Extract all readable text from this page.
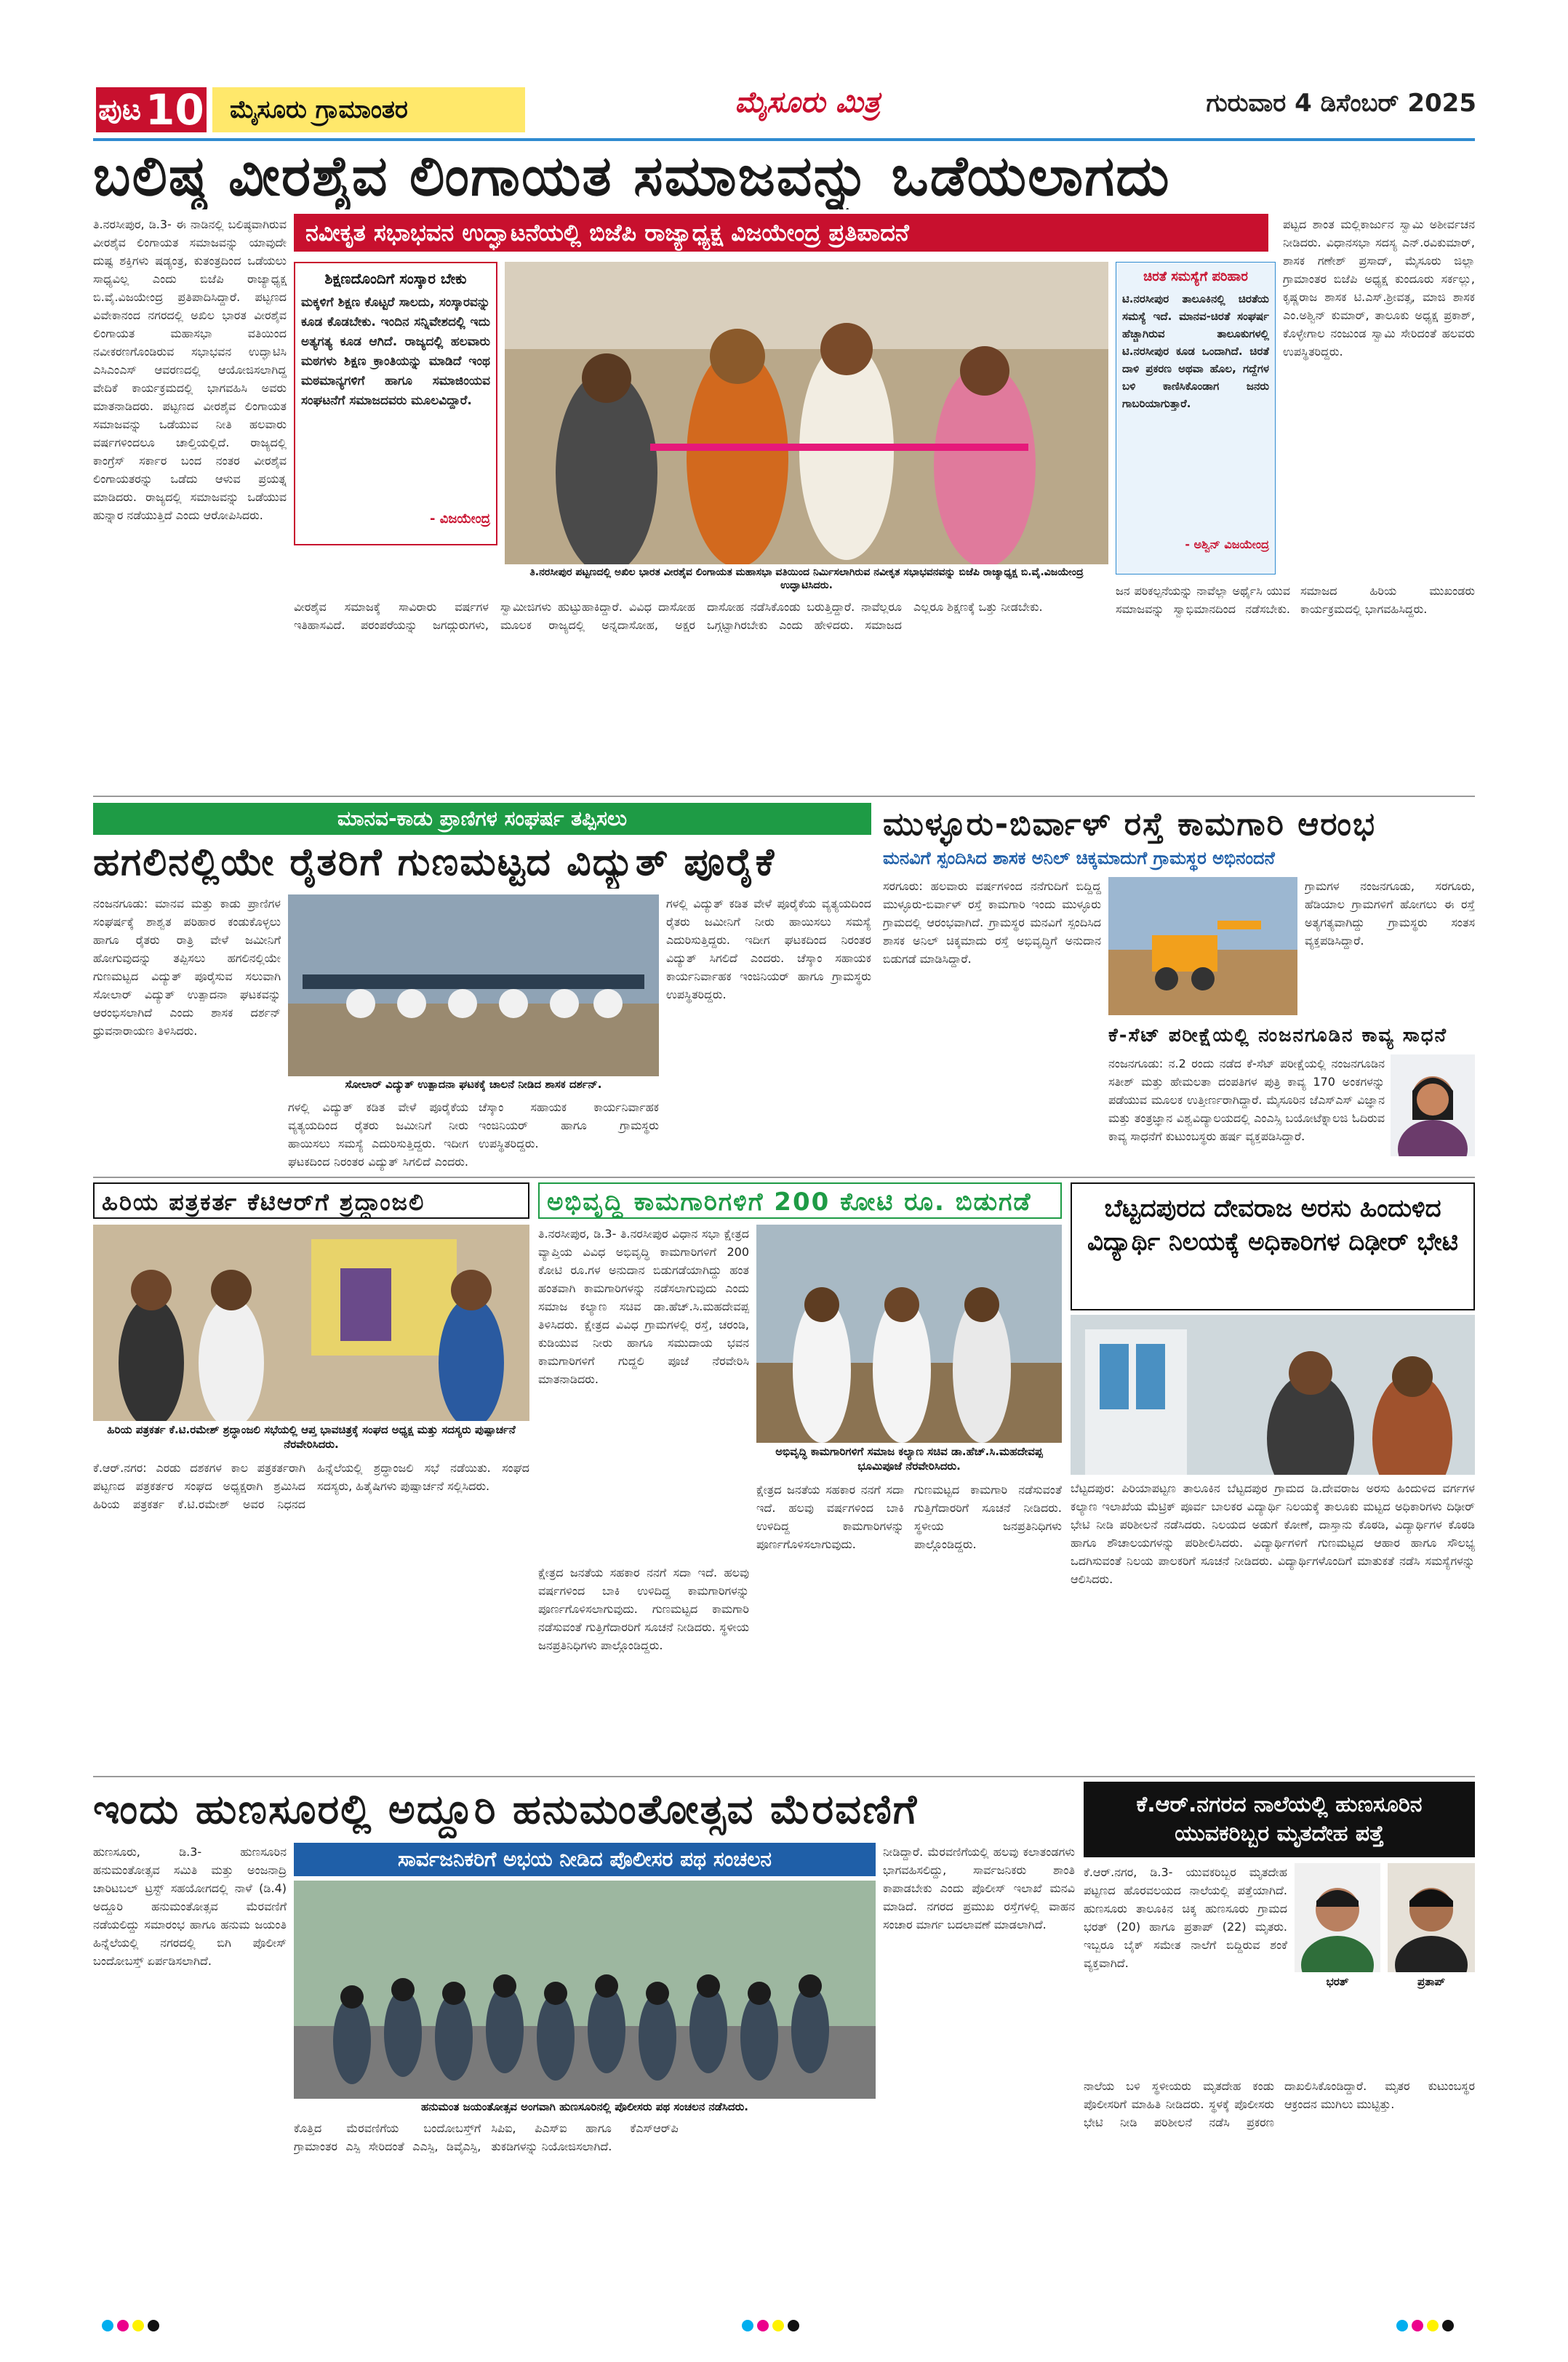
ಪುಟ 10	ಮೈಸೂರು ಗ್ರಾಮಾಂತರ	ಮೈಸೂರು ಮಿತ್ರ	ಗುರುವಾರ 4 ಡಿಸೆಂಬರ್ 2025
ಬಲಿಷ್ಠ ವೀರಶೈವ ಲಿಂಗಾಯತ ಸಮಾಜವನ್ನು ಒಡೆಯಲಾಗದು
ನವೀಕೃತ ಸಭಾಭವನ ಉದ್ಘಾಟನೆಯಲ್ಲಿ ಬಿಜೆಪಿ ರಾಜ್ಯಾಧ್ಯಕ್ಷ ವಿಜಯೇಂದ್ರ ಪ್ರತಿಪಾದನೆ
ತಿ.ನರಸೀಪುರ, ಡಿ.3- ಈ ನಾಡಿನಲ್ಲಿ ಬಲಿಷ್ಠವಾಗಿರುವ ವೀರಶೈವ ಲಿಂಗಾಯತ ಸಮಾಜವನ್ನು ಯಾವುದೇ ದುಷ್ಟ ಶಕ್ತಿಗಳು ಷಡ್ಯಂತ್ರ, ಕುತಂತ್ರದಿಂದ ಒಡೆಯಲು ಸಾಧ್ಯವಿಲ್ಲ ಎಂದು ಬಿಜೆಪಿ ರಾಜ್ಯಾಧ್ಯಕ್ಷ ಬಿ.ವೈ.ವಿಜಯೇಂದ್ರ ಪ್ರತಿಪಾದಿಸಿದ್ದಾರೆ. ಪಟ್ಟಣದ ವಿವೇಕಾನಂದ ನಗರದಲ್ಲಿ ಅಖಿಲ ಭಾರತ ವೀರಶೈವ ಲಿಂಗಾಯತ ಮಹಾಸಭಾ ವತಿಯಿಂದ ನವೀಕರಣಗೊಂಡಿರುವ ಸಭಾಭವನ ಉದ್ಘಾಟಿಸಿ ಎಸಿಎಂಎಸ್ ಆವರಣದಲ್ಲಿ ಆಯೋಜಿಸಲಾಗಿದ್ದ ವೇದಿಕೆ ಕಾರ್ಯಕ್ರಮದಲ್ಲಿ ಭಾಗವಹಿಸಿ ಅವರು ಮಾತನಾಡಿದರು. ಪಟ್ಟಣದ ವೀರಶೈವ ಲಿಂಗಾಯತ ಸಮಾಜವನ್ನು ಒಡೆಯುವ ನೀತಿ ಹಲವಾರು ವರ್ಷಗಳಿಂದಲೂ ಚಾಲ್ತಿಯಲ್ಲಿದೆ. ರಾಜ್ಯದಲ್ಲಿ ಕಾಂಗ್ರೆಸ್ ಸರ್ಕಾರ ಬಂದ ನಂತರ ವೀರಶೈವ ಲಿಂಗಾಯತರನ್ನು ಒಡೆದು ಆಳುವ ಪ್ರಯತ್ನ ಮಾಡಿದರು. ರಾಜ್ಯದಲ್ಲಿ ಸಮಾಜವನ್ನು ಒಡೆಯುವ ಹುನ್ನಾರ ನಡೆಯುತ್ತಿದೆ ಎಂದು ಆರೋಪಿಸಿದರು.
ಶಿಕ್ಷಣದೊಂದಿಗೆ ಸಂಸ್ಕಾರ ಬೇಕು
ಮಕ್ಕಳಿಗೆ ಶಿಕ್ಷಣ ಕೊಟ್ಟರೆ ಸಾಲದು, ಸಂಸ್ಕಾರವನ್ನು ಕೂಡ ಕೊಡಬೇಕು. ಇಂದಿನ ಸನ್ನಿವೇಶದಲ್ಲಿ ಇದು ಅತ್ಯಗತ್ಯ ಕೂಡ ಆಗಿದೆ. ರಾಜ್ಯದಲ್ಲಿ ಹಲವಾರು ಮಠಗಳು ಶಿಕ್ಷಣ ಕ್ರಾಂತಿಯನ್ನು ಮಾಡಿದೆ ಇಂಥ ಮಠಮಾನ್ಯಗಳಿಗೆ ಹಾಗೂ ಸಮಾಜಿಂಯವ ಸಂಘಟನೆಗೆ ಸಮಾಜದವರು ಮೂಲವಿದ್ದಾರೆ.
- ವಿಜಯೇಂದ್ರ
ತಿ.ನರಸೀಪುರ ಪಟ್ಟಣದಲ್ಲಿ ಅಖಿಲ ಭಾರತ ವೀರಶೈವ ಲಿಂಗಾಯತ ಮಹಾಸಭಾ ವತಿಯಿಂದ ನಿರ್ಮಿಸಲಾಗಿರುವ ನವೀಕೃತ ಸಭಾಭವನವನ್ನು ಬಿಜೆಪಿ ರಾಜ್ಯಾಧ್ಯಕ್ಷ ಬಿ.ವೈ.ವಿಜಯೇಂದ್ರ ಉದ್ಘಾಟಿಸಿದರು.
ಚಿರತೆ ಸಮಸ್ಯೆಗೆ ಪರಿಹಾರ
ಟಿ.ನರಸೀಪುರ ತಾಲೂಕಿನಲ್ಲಿ ಚಿರತೆಯ ಸಮಸ್ಯೆ ಇದೆ. ಮಾನವ-ಚಿರತೆ ಸಂಘರ್ಷ ಹೆಚ್ಚಾಗಿರುವ ತಾಲೂಕುಗಳಲ್ಲಿ ಟಿ.ನರಸೀಪುರ ಕೂಡ ಒಂದಾಗಿದೆ. ಚಿರತೆ ದಾಳಿ ಪ್ರಕರಣ ಅಥವಾ ಹೊಲ, ಗದ್ದೆಗಳ ಬಳಿ ಕಾಣಿಸಿಕೊಂಡಾಗ ಜನರು ಗಾಬರಿಯಾಗುತ್ತಾರೆ.
- ಅಶ್ವಿನ್ ವಿಜಯೇಂದ್ರ
ಪಟ್ಟದ ಶಾಂತ ಮಲ್ಲಿಕಾರ್ಜುನ ಸ್ವಾಮಿ ಅಶೀರ್ವಚನ ನೀಡಿದರು. ವಿಧಾನಸಭಾ ಸದಸ್ಯ ಎನ್.ರವಿಕುಮಾರ್, ಶಾಸಕ ಗಣೇಶ್ ಪ್ರಸಾದ್, ಮೈಸೂರು ಜಿಲ್ಲಾ ಗ್ರಾಮಾಂತರ ಬಿಜೆಪಿ ಅಧ್ಯಕ್ಷ ಕುಂದೂರು ಸರ್ಕಲ್ಲು, ಕೃಷ್ಣರಾಜ ಶಾಸಕ ಟಿ.ಎಸ್.ಶ್ರೀವತ್ಸ, ಮಾಜಿ ಶಾಸಕ ಎಂ.ಅಶ್ವಿನ್ ಕುಮಾರ್, ತಾಲೂಕು ಅಧ್ಯಕ್ಷ ಪ್ರಕಾಶ್, ಕೊಳ್ಳೇಗಾಲ ನಂಜುಂಡ ಸ್ವಾಮಿ ಸೇರಿದಂತೆ ಹಲವರು ಉಪಸ್ಥಿತರಿದ್ದರು.
ವೀರಶೈವ ಸಮಾಜಕ್ಕೆ ಸಾವಿರಾರು ವರ್ಷಗಳ ಇತಿಹಾಸವಿದೆ. ಪರಂಪರೆಯನ್ನು ಜಗದ್ಗುರುಗಳು, ಸ್ವಾಮೀಜಿಗಳು ಹುಟ್ಟುಹಾಕಿದ್ದಾರೆ. ವಿವಿಧ ದಾಸೋಹ ಮೂಲಕ ರಾಜ್ಯದಲ್ಲಿ ಅನ್ನದಾಸೋಹ, ಅಕ್ಷರ ದಾಸೋಹ ನಡೆಸಿಕೊಂಡು ಬರುತ್ತಿದ್ದಾರೆ. ನಾವೆಲ್ಲರೂ ಒಗ್ಗಟ್ಟಾಗಿರಬೇಕು ಎಂದು ಹೇಳಿದರು. ಸಮಾಜದ ಎಲ್ಲರೂ ಶಿಕ್ಷಣಕ್ಕೆ ಒತ್ತು ನೀಡಬೇಕು.
ಜನ ಪರಿಕಲ್ಪನೆಯನ್ನು ನಾವೆಲ್ಲಾ ಅರ್ಥೈಸಿ ಯುವ ಸಮಾಜವನ್ನು ಸ್ವಾಭಿಮಾನದಿಂದ ನಡೆಸಬೇಕು. ಸಮಾಜದ ಹಿರಿಯ ಮುಖಂಡರು ಕಾರ್ಯಕ್ರಮದಲ್ಲಿ ಭಾಗವಹಿಸಿದ್ದರು.
ಮಾನವ-ಕಾಡು ಪ್ರಾಣಿಗಳ ಸಂಘರ್ಷ ತಪ್ಪಿಸಲು
ಹಗಲಿನಲ್ಲಿಯೇ ರೈತರಿಗೆ ಗುಣಮಟ್ಟದ ವಿದ್ಯುತ್ ಪೂರೈಕೆ
ನಂಜನಗೂಡು: ಮಾನವ ಮತ್ತು ಕಾಡು ಪ್ರಾಣಿಗಳ ಸಂಘರ್ಷಕ್ಕೆ ಶಾಶ್ವತ ಪರಿಹಾರ ಕಂಡುಕೊಳ್ಳಲು ಹಾಗೂ ರೈತರು ರಾತ್ರಿ ವೇಳೆ ಜಮೀನಿಗೆ ಹೋಗುವುದನ್ನು ತಪ್ಪಿಸಲು ಹಗಲಿನಲ್ಲಿಯೇ ಗುಣಮಟ್ಟದ ವಿದ್ಯುತ್ ಪೂರೈಸುವ ಸಲುವಾಗಿ ಸೋಲಾರ್ ವಿದ್ಯುತ್ ಉತ್ಪಾದನಾ ಘಟಕವನ್ನು ಆರಂಭಿಸಲಾಗಿದೆ ಎಂದು ಶಾಸಕ ದರ್ಶನ್ ಧ್ರುವನಾರಾಯಣ ತಿಳಿಸಿದರು.
ಸೋಲಾರ್ ವಿದ್ಯುತ್ ಉತ್ಪಾದನಾ ಘಟಕಕ್ಕೆ ಚಾಲನೆ ನೀಡಿದ ಶಾಸಕ ದರ್ಶನ್.
ಗಳಲ್ಲಿ ವಿದ್ಯುತ್ ಕಡಿತ ವೇಳೆ ಪೂರೈಕೆಯ ವ್ಯತ್ಯಯದಿಂದ ರೈತರು ಜಮೀನಿಗೆ ನೀರು ಹಾಯಿಸಲು ಸಮಸ್ಯೆ ಎದುರಿಸುತ್ತಿದ್ದರು. ಇದೀಗ ಘಟಕದಿಂದ ನಿರಂತರ ವಿದ್ಯುತ್ ಸಿಗಲಿದೆ ಎಂದರು. ಚೆಸ್ಕಾಂ ಸಹಾಯಕ ಕಾರ್ಯನಿರ್ವಾಹಕ ಇಂಜಿನಿಯರ್ ಹಾಗೂ ಗ್ರಾಮಸ್ಥರು ಉಪಸ್ಥಿತರಿದ್ದರು.
ಗಳಲ್ಲಿ ವಿದ್ಯುತ್ ಕಡಿತ ವೇಳೆ ಪೂರೈಕೆಯ ವ್ಯತ್ಯಯದಿಂದ ರೈತರು ಜಮೀನಿಗೆ ನೀರು ಹಾಯಿಸಲು ಸಮಸ್ಯೆ ಎದುರಿಸುತ್ತಿದ್ದರು. ಇದೀಗ ಘಟಕದಿಂದ ನಿರಂತರ ವಿದ್ಯುತ್ ಸಿಗಲಿದೆ ಎಂದರು. ಚೆಸ್ಕಾಂ ಸಹಾಯಕ ಕಾರ್ಯನಿರ್ವಾಹಕ ಇಂಜಿನಿಯರ್ ಹಾಗೂ ಗ್ರಾಮಸ್ಥರು ಉಪಸ್ಥಿತರಿದ್ದರು.
ಮುಳ್ಳೂರು-ಬಿರ್ವಾಳ್ ರಸ್ತೆ ಕಾಮಗಾರಿ ಆರಂಭ
ಮನವಿಗೆ ಸ್ಪಂದಿಸಿದ ಶಾಸಕ ಅನಿಲ್ ಚಿಕ್ಕಮಾದುಗೆ ಗ್ರಾಮಸ್ಥರ ಅಭಿನಂದನೆ
ಸರಗೂರು: ಹಲವಾರು ವರ್ಷಗಳಿಂದ ನನೆಗುದಿಗೆ ಬಿದ್ದಿದ್ದ ಮುಳ್ಳೂರು-ಬಿರ್ವಾಳ್ ರಸ್ತೆ ಕಾಮಗಾರಿ ಇಂದು ಮುಳ್ಳೂರು ಗ್ರಾಮದಲ್ಲಿ ಆರಂಭವಾಗಿದೆ. ಗ್ರಾಮಸ್ಥರ ಮನವಿಗೆ ಸ್ಪಂದಿಸಿದ ಶಾಸಕ ಅನಿಲ್ ಚಿಕ್ಕಮಾದು ರಸ್ತೆ ಅಭಿವೃದ್ಧಿಗೆ ಅನುದಾನ ಬಿಡುಗಡೆ ಮಾಡಿಸಿದ್ದಾರೆ.
ಗ್ರಾಮಗಳ ನಂಜನಗೂಡು, ಸರಗೂರು, ಹೆಡಿಯಾಲ ಗ್ರಾಮಗಳಿಗೆ ಹೋಗಲು ಈ ರಸ್ತೆ ಅತ್ಯಗತ್ಯವಾಗಿದ್ದು ಗ್ರಾಮಸ್ಥರು ಸಂತಸ ವ್ಯಕ್ತಪಡಿಸಿದ್ದಾರೆ.
ಕೆ-ಸೆಟ್ ಪರೀಕ್ಷೆಯಲ್ಲಿ ನಂಜನಗೂಡಿನ ಕಾವ್ಯ ಸಾಧನೆ
ನಂಜನಗೂಡು: ನ.2 ರಂದು ನಡೆದ ಕೆ-ಸೆಟ್ ಪರೀಕ್ಷೆಯಲ್ಲಿ ನಂಜನಗೂಡಿನ ಸತೀಶ್ ಮತ್ತು ಹೇಮಲತಾ ದಂಪತಿಗಳ ಪುತ್ರಿ ಕಾವ್ಯ 170 ಅಂಕಗಳನ್ನು ಪಡೆಯುವ ಮೂಲಕ ಉತ್ತೀರ್ಣರಾಗಿದ್ದಾರೆ. ಮೈಸೂರಿನ ಜೆಎಸ್‌ಎಸ್ ವಿಜ್ಞಾನ ಮತ್ತು ತಂತ್ರಜ್ಞಾನ ವಿಶ್ವವಿದ್ಯಾಲಯದಲ್ಲಿ ಎಂಎಸ್ಸಿ ಬಯೋಟೆಕ್ನಾಲಜಿ ಓದಿರುವ ಕಾವ್ಯ ಸಾಧನೆಗೆ ಕುಟುಂಬಸ್ಥರು ಹರ್ಷ ವ್ಯಕ್ತಪಡಿಸಿದ್ದಾರೆ.
ಹಿರಿಯ ಪತ್ರಕರ್ತ ಕೆಟಿಆರ್‌ಗೆ ಶ್ರದ್ಧಾಂಜಲಿ
ಹಿರಿಯ ಪತ್ರಕರ್ತ ಕೆ.ಟಿ.ರಮೇಶ್ ಶ್ರದ್ಧಾಂಜಲಿ ಸಭೆಯಲ್ಲಿ ಆಪ್ತ ಭಾವಚಿತ್ರಕ್ಕೆ ಸಂಘದ ಅಧ್ಯಕ್ಷ ಮತ್ತು ಸದಸ್ಯರು ಪುಷ್ಪಾರ್ಚನೆ ನೆರವೇರಿಸಿದರು.
ಕೆ.ಆರ್.ನಗರ: ಎರಡು ದಶಕಗಳ ಕಾಲ ಪತ್ರಕರ್ತರಾಗಿ ಪಟ್ಟಣದ ಪತ್ರಕರ್ತರ ಸಂಘದ ಅಧ್ಯಕ್ಷರಾಗಿ ಶ್ರಮಿಸಿದ ಹಿರಿಯ ಪತ್ರಕರ್ತ ಕೆ.ಟಿ.ರಮೇಶ್ ಅವರ ನಿಧನದ ಹಿನ್ನೆಲೆಯಲ್ಲಿ ಶ್ರದ್ಧಾಂಜಲಿ ಸಭೆ ನಡೆಯಿತು. ಸಂಘದ ಸದಸ್ಯರು, ಹಿತೈಷಿಗಳು ಪುಷ್ಪಾರ್ಚನೆ ಸಲ್ಲಿಸಿದರು.
ಅಭಿವೃದ್ಧಿ ಕಾಮಗಾರಿಗಳಿಗೆ 200 ಕೋಟಿ ರೂ. ಬಿಡುಗಡೆ
ತಿ.ನರಸೀಪುರ, ಡಿ.3- ತಿ.ನರಸೀಪುರ ವಿಧಾನ ಸಭಾ ಕ್ಷೇತ್ರದ ವ್ಯಾಪ್ತಿಯ ವಿವಿಧ ಅಭಿವೃದ್ಧಿ ಕಾಮಗಾರಿಗಳಿಗೆ 200 ಕೋಟಿ ರೂ.ಗಳ ಅನುದಾನ ಬಿಡುಗಡೆಯಾಗಿದ್ದು ಹಂತ ಹಂತವಾಗಿ ಕಾಮಗಾರಿಗಳನ್ನು ನಡೆಸಲಾಗುವುದು ಎಂದು ಸಮಾಜ ಕಲ್ಯಾಣ ಸಚಿವ ಡಾ.ಹೆಚ್.ಸಿ.ಮಹದೇವಪ್ಪ ತಿಳಿಸಿದರು. ಕ್ಷೇತ್ರದ ವಿವಿಧ ಗ್ರಾಮಗಳಲ್ಲಿ ರಸ್ತೆ, ಚರಂಡಿ, ಕುಡಿಯುವ ನೀರು ಹಾಗೂ ಸಮುದಾಯ ಭವನ ಕಾಮಗಾರಿಗಳಿಗೆ ಗುದ್ದಲಿ ಪೂಜೆ ನೆರವೇರಿಸಿ ಮಾತನಾಡಿದರು.
ಅಭಿವೃದ್ಧಿ ಕಾಮಗಾರಿಗಳಿಗೆ ಸಮಾಜ ಕಲ್ಯಾಣ ಸಚಿವ ಡಾ.ಹೆಚ್.ಸಿ.ಮಹದೇವಪ್ಪ ಭೂಮಿಪೂಜೆ ನೆರವೇರಿಸಿದರು.
ಕ್ಷೇತ್ರದ ಜನತೆಯ ಸಹಕಾರ ನನಗೆ ಸದಾ ಇದೆ. ಹಲವು ವರ್ಷಗಳಿಂದ ಬಾಕಿ ಉಳಿದಿದ್ದ ಕಾಮಗಾರಿಗಳನ್ನು ಪೂರ್ಣಗೊಳಿಸಲಾಗುವುದು. ಗುಣಮಟ್ಟದ ಕಾಮಗಾರಿ ನಡೆಸುವಂತೆ ಗುತ್ತಿಗೆದಾರರಿಗೆ ಸೂಚನೆ ನೀಡಿದರು. ಸ್ಥಳೀಯ ಜನಪ್ರತಿನಿಧಿಗಳು ಪಾಲ್ಗೊಂಡಿದ್ದರು.
ಕ್ಷೇತ್ರದ ಜನತೆಯ ಸಹಕಾರ ನನಗೆ ಸದಾ ಇದೆ. ಹಲವು ವರ್ಷಗಳಿಂದ ಬಾಕಿ ಉಳಿದಿದ್ದ ಕಾಮಗಾರಿಗಳನ್ನು ಪೂರ್ಣಗೊಳಿಸಲಾಗುವುದು. ಗುಣಮಟ್ಟದ ಕಾಮಗಾರಿ ನಡೆಸುವಂತೆ ಗುತ್ತಿಗೆದಾರರಿಗೆ ಸೂಚನೆ ನೀಡಿದರು. ಸ್ಥಳೀಯ ಜನಪ್ರತಿನಿಧಿಗಳು ಪಾಲ್ಗೊಂಡಿದ್ದರು.
ಬೆಟ್ಟದಪುರದ ದೇವರಾಜ ಅರಸು ಹಿಂದುಳಿದ ವಿದ್ಯಾರ್ಥಿ ನಿಲಯಕ್ಕೆ ಅಧಿಕಾರಿಗಳ ದಿಢೀರ್ ಭೇಟಿ
ಬೆಟ್ಟದಪುರ: ಪಿರಿಯಾಪಟ್ಟಣ ತಾಲೂಕಿನ ಬೆಟ್ಟದಪುರ ಗ್ರಾಮದ ಡಿ.ದೇವರಾಜ ಅರಸು ಹಿಂದುಳಿದ ವರ್ಗಗಳ ಕಲ್ಯಾಣ ಇಲಾಖೆಯ ಮೆಟ್ರಿಕ್ ಪೂರ್ವ ಬಾಲಕರ ವಿದ್ಯಾರ್ಥಿ ನಿಲಯಕ್ಕೆ ತಾಲೂಕು ಮಟ್ಟದ ಅಧಿಕಾರಿಗಳು ದಿಢೀರ್ ಭೇಟಿ ನೀಡಿ ಪರಿಶೀಲನೆ ನಡೆಸಿದರು. ನಿಲಯದ ಅಡುಗೆ ಕೋಣೆ, ದಾಸ್ತಾನು ಕೊಠಡಿ, ವಿದ್ಯಾರ್ಥಿಗಳ ಕೊಠಡಿ ಹಾಗೂ ಶೌಚಾಲಯಗಳನ್ನು ಪರಿಶೀಲಿಸಿದರು. ವಿದ್ಯಾರ್ಥಿಗಳಿಗೆ ಗುಣಮಟ್ಟದ ಆಹಾರ ಹಾಗೂ ಸೌಲಭ್ಯ ಒದಗಿಸುವಂತೆ ನಿಲಯ ಪಾಲಕರಿಗೆ ಸೂಚನೆ ನೀಡಿದರು. ವಿದ್ಯಾರ್ಥಿಗಳೊಂದಿಗೆ ಮಾತುಕತೆ ನಡೆಸಿ ಸಮಸ್ಯೆಗಳನ್ನು ಆಲಿಸಿದರು.
ಇಂದು ಹುಣಸೂರಲ್ಲಿ ಅದ್ದೂರಿ ಹನುಮಂತೋತ್ಸವ ಮೆರವಣಿಗೆ
ಹುಣಸೂರು, ಡಿ.3- ಹುಣಸೂರಿನ ಹನುಮಂತೋತ್ಸವ ಸಮಿತಿ ಮತ್ತು ಅಂಜನಾದ್ರಿ ಚಾರಿಟಬಲ್ ಟ್ರಸ್ಟ್ ಸಹಯೋಗದಲ್ಲಿ ನಾಳೆ (ಡಿ.4) ಅದ್ದೂರಿ ಹನುಮಂತೋತ್ಸವ ಮೆರವಣಿಗೆ ನಡೆಯಲಿದ್ದು ಸಮಾರಂಭ ಹಾಗೂ ಹನುಮ ಜಯಂತಿ ಹಿನ್ನೆಲೆಯಲ್ಲಿ ನಗರದಲ್ಲಿ ಬಿಗಿ ಪೊಲೀಸ್ ಬಂದೋಬಸ್ತ್ ಏರ್ಪಡಿಸಲಾಗಿದೆ.
ಸಾರ್ವಜನಿಕರಿಗೆ ಅಭಯ ನೀಡಿದ ಪೊಲೀಸರ ಪಥ ಸಂಚಲನ
ಹನುಮಂತ ಜಯಂತೋತ್ಸವ ಅಂಗವಾಗಿ ಹುಣಸೂರಿನಲ್ಲಿ ಪೊಲೀಸರು ಪಥ ಸಂಚಲನ ನಡೆಸಿದರು.
ಕೊತ್ತಿದ ಮೆರವಣಿಗೆಯ ಬಂದೋಬಸ್ತ್‌ಗೆ ಗ್ರಾಮಾಂತರ ಎಸ್ಪಿ ಸೇರಿದಂತೆ ಎಎಸ್ಪಿ, ಡಿವೈಎಸ್ಪಿ, ಸಿಪಿಐ, ಪಿಎಸ್ಐ ಹಾಗೂ ಕೆಎಸ್ಆರ್‌ಪಿ ತುಕಡಿಗಳನ್ನು ನಿಯೋಜಿಸಲಾಗಿದೆ.
ನೀಡಿದ್ದಾರೆ. ಮೆರವಣಿಗೆಯಲ್ಲಿ ಹಲವು ಕಲಾತಂಡಗಳು ಭಾಗವಹಿಸಲಿದ್ದು, ಸಾರ್ವಜನಿಕರು ಶಾಂತಿ ಕಾಪಾಡಬೇಕು ಎಂದು ಪೊಲೀಸ್ ಇಲಾಖೆ ಮನವಿ ಮಾಡಿದೆ. ನಗರದ ಪ್ರಮುಖ ರಸ್ತೆಗಳಲ್ಲಿ ವಾಹನ ಸಂಚಾರ ಮಾರ್ಗ ಬದಲಾವಣೆ ಮಾಡಲಾಗಿದೆ.
ಕೆ.ಆರ್.ನಗರದ ನಾಲೆಯಲ್ಲಿ ಹುಣಸೂರಿನ ಯುವಕರಿಬ್ಬರ ಮೃತದೇಹ ಪತ್ತೆ
ಕೆ.ಆರ್.ನಗರ, ಡಿ.3- ಯುವಕರಿಬ್ಬರ ಮೃತದೇಹ ಪಟ್ಟಣದ ಹೊರವಲಯದ ನಾಲೆಯಲ್ಲಿ ಪತ್ತೆಯಾಗಿದೆ. ಹುಣಸೂರು ತಾಲೂಕಿನ ಚಿಕ್ಕ ಹುಣಸೂರು ಗ್ರಾಮದ ಭರತ್ (20) ಹಾಗೂ ಪ್ರತಾಪ್ (22) ಮೃತರು. ಇಬ್ಬರೂ ಬೈಕ್ ಸಮೇತ ನಾಲೆಗೆ ಬಿದ್ದಿರುವ ಶಂಕೆ ವ್ಯಕ್ತವಾಗಿದೆ.
ಭರತ್	ಪ್ರತಾಪ್
ನಾಲೆಯ ಬಳಿ ಸ್ಥಳೀಯರು ಮೃತದೇಹ ಕಂಡು ಪೊಲೀಸರಿಗೆ ಮಾಹಿತಿ ನೀಡಿದರು. ಸ್ಥಳಕ್ಕೆ ಪೊಲೀಸರು ಭೇಟಿ ನೀಡಿ ಪರಿಶೀಲನೆ ನಡೆಸಿ ಪ್ರಕರಣ ದಾಖಲಿಸಿಕೊಂಡಿದ್ದಾರೆ. ಮೃತರ ಕುಟುಂಬಸ್ಥರ ಆಕ್ರಂದನ ಮುಗಿಲು ಮುಟ್ಟಿತ್ತು.
